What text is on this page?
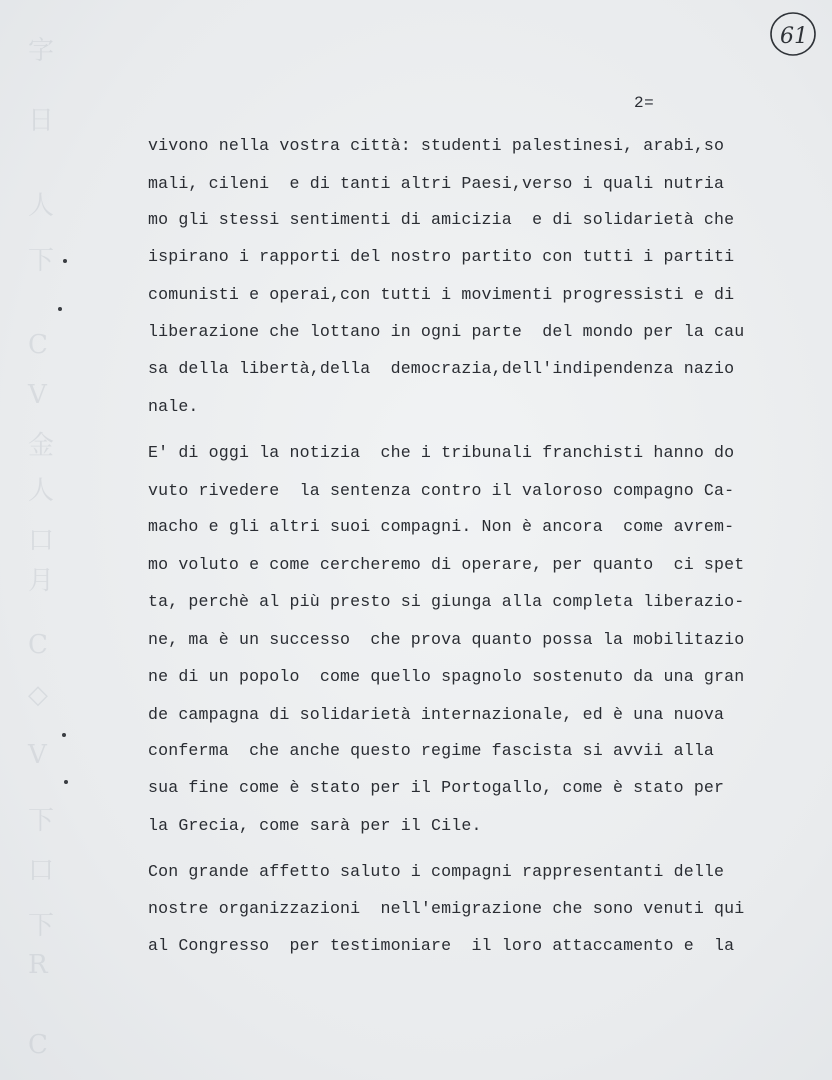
字
日
人
下
C
V
金
人
口
月
C
◇
V
下
口
下
R
C
61
2=
vivono nella vostra città: studenti palestinesi, arabi,so
mali, cileni  e di tanti altri Paesi,verso i quali nutria
mo gli stessi sentimenti di amicizia  e di solidarietà che
ispirano i rapporti del nostro partito con tutti i partiti
comunisti e operai,con tutti i movimenti progressisti e di
liberazione che lottano in ogni parte  del mondo per la cau
sa della libertà,della  democrazia,dell'indipendenza nazio
nale.
E' di oggi la notizia  che i tribunali franchisti hanno do
vuto rivedere  la sentenza contro il valoroso compagno Ca-
macho e gli altri suoi compagni. Non è ancora  come avrem-
mo voluto e come cercheremo di operare, per quanto  ci spet
ta, perchè al più presto si giunga alla completa liberazio-
ne, ma è un successo  che prova quanto possa la mobilitazio
ne di un popolo  come quello spagnolo sostenuto da una gran
de campagna di solidarietà internazionale, ed è una nuova
conferma  che anche questo regime fascista si avvii alla
sua fine come è stato per il Portogallo, come è stato per
la Grecia, come sarà per il Cile.
Con grande affetto saluto i compagni rappresentanti delle
nostre organizzazioni  nell'emigrazione che sono venuti qui
al Congresso  per testimoniare  il loro attaccamento e  la
